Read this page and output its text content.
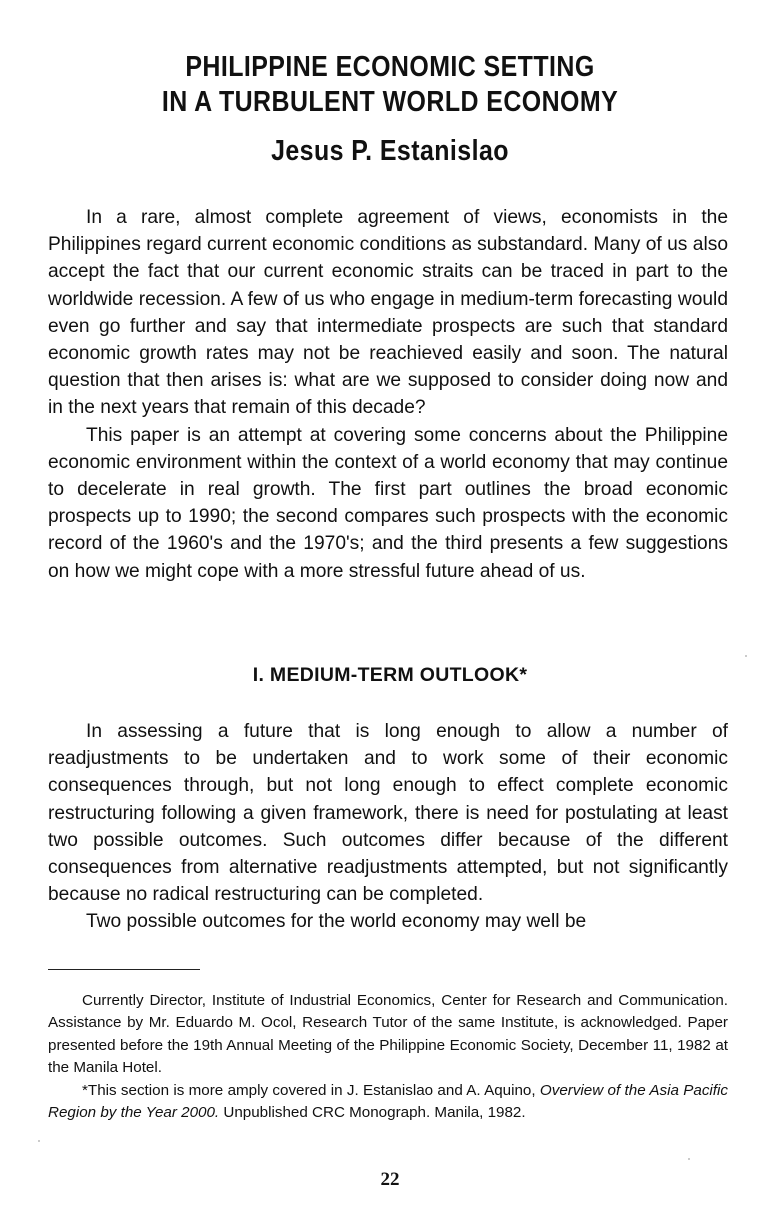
PHILIPPINE ECONOMIC SETTING
IN A TURBULENT WORLD ECONOMY
Jesus P. Estanislao

In a rare, almost complete agreement of views, economists in the Philippines regard current economic conditions as substandard. Many of us also accept the fact that our current economic straits can be traced in part to the worldwide recession. A few of us who engage in medium-term forecasting would even go further and say that intermediate prospects are such that standard economic growth rates may not be reachieved easily and soon. The natural question that then arises is: what are we supposed to consider doing now and in the next years that remain of this decade?

This paper is an attempt at covering some concerns about the Philippine economic environment within the context of a world economy that may continue to decelerate in real growth. The first part outlines the broad economic prospects up to 1990; the second compares such prospects with the economic record of the 1960's and the 1970's; and the third presents a few suggestions on how we might cope with a more stressful future ahead of us.

I. MEDIUM-TERM OUTLOOK*

In assessing a future that is long enough to allow a number of readjustments to be undertaken and to work some of their economic consequences through, but not long enough to effect complete economic restructuring following a given framework, there is need for postulating at least two possible outcomes. Such outcomes differ because of the different consequences from alternative readjustments attempted, but not significantly because no radical restructuring can be completed.

Two possible outcomes for the world economy may well be

Currently Director, Institute of Industrial Economics, Center for Research and Communication. Assistance by Mr. Eduardo M. Ocol, Research Tutor of the same Institute, is acknowledged. Paper presented before the 19th Annual Meeting of the Philippine Economic Society, December 11, 1982 at the Manila Hotel.

*This section is more amply covered in J. Estanislao and A. Aquino, Overview of the Asia Pacific Region by the Year 2000. Unpublished CRC Monograph. Manila, 1982.

22
